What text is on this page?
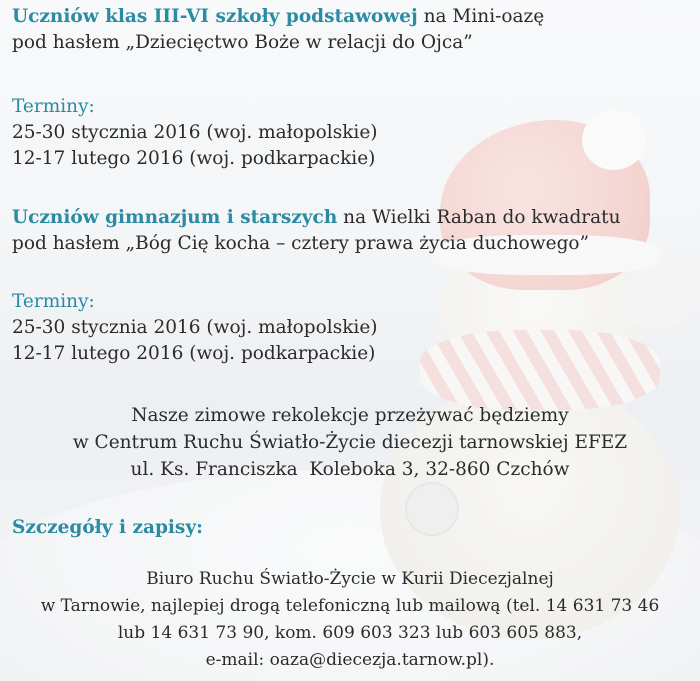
Uczniów klas III-VI szkoły podstawowej na Mini-oazę

pod hasłem „Dziecięctwo Boże w relacji do Ojca”

Terminy:

25-30 stycznia 2016 (woj. małopolskie)

12-17 lutego 2016 (woj. podkarpackie)

Uczniów gimnazjum i starszych na Wielki Raban do kwadratu

pod hasłem „Bóg Cię kocha – cztery prawa życia duchowego”

Terminy:

25-30 stycznia 2016 (woj. małopolskie)

12-17 lutego 2016 (woj. podkarpackie)

Nasze zimowe rekolekcje przeżywać będziemy

w Centrum Ruchu Światło-Życie diecezji tarnowskiej EFEZ

ul. Ks. Franciszka  Koleboka 3, 32-860 Czchów

Szczegóły i zapisy:

Biuro Ruchu Światło-Życie w Kurii Diecezjalnej

w Tarnowie, najlepiej drogą telefoniczną lub mailową (tel. 14 631 73 46

lub 14 631 73 90, kom. 609 603 323 lub 603 605 883,

e-mail: oaza@diecezja.tarnow.pl).
